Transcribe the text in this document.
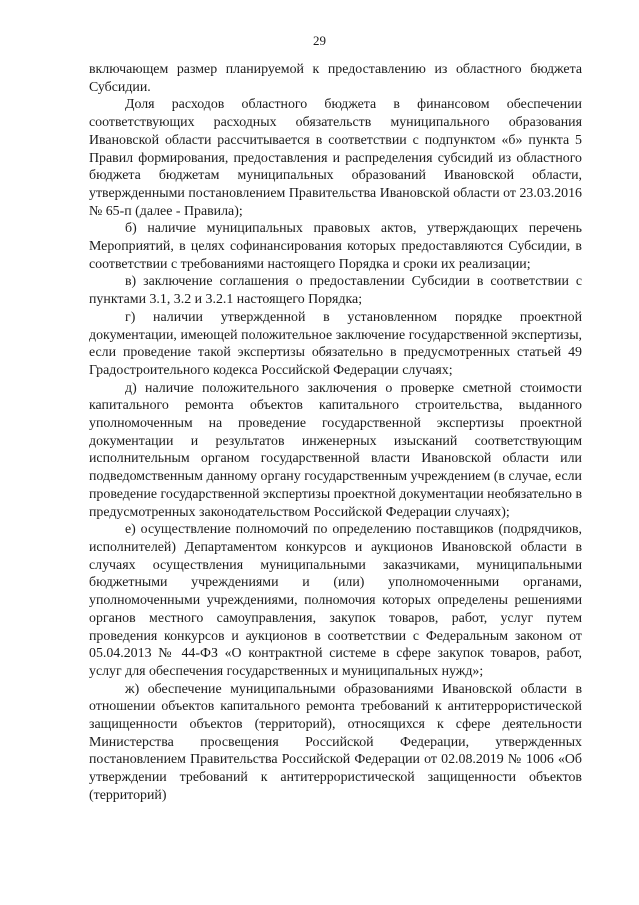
29

включающем размер планируемой к предоставлению из областного бюджета Субсидии.

Доля расходов областного бюджета в финансовом обеспечении соответствующих расходных обязательств муниципального образования Ивановской области рассчитывается в соответствии с подпунктом «б» пункта 5 Правил формирования, предоставления и распределения субсидий из областного бюджета бюджетам муниципальных образований Ивановской области, утвержденными постановлением Правительства Ивановской области от 23.03.2016 № 65-п (далее - Правила);

б) наличие муниципальных правовых актов, утверждающих перечень Мероприятий, в целях софинансирования которых предоставляются Субсидии, в соответствии с требованиями настоящего Порядка и сроки их реализации;

в) заключение соглашения о предоставлении Субсидии в соответствии с пунктами 3.1, 3.2 и 3.2.1 настоящего Порядка;

г) наличии утвержденной в установленном порядке проектной документации, имеющей положительное заключение государственной экспертизы, если проведение такой экспертизы обязательно в предусмотренных статьей 49 Градостроительного кодекса Российской Федерации случаях;

д) наличие положительного заключения о проверке сметной стоимости капитального ремонта объектов капитального строительства, выданного уполномоченным на проведение государственной экспертизы проектной документации и результатов инженерных изысканий соответствующим исполнительным органом государственной власти Ивановской области или подведомственным данному органу государственным учреждением (в случае, если проведение государственной экспертизы проектной документации необязательно в предусмотренных законодательством Российской Федерации случаях);

е) осуществление полномочий по определению поставщиков (подрядчиков, исполнителей) Департаментом конкурсов и аукционов Ивановской области в случаях осуществления муниципальными заказчиками, муниципальными бюджетными учреждениями и (или) уполномоченными органами, уполномоченными учреждениями, полномочия которых определены решениями органов местного самоуправления, закупок товаров, работ, услуг путем проведения конкурсов и аукционов в соответствии с Федеральным законом от 05.04.2013 № 44-ФЗ «О контрактной системе в сфере закупок товаров, работ, услуг для обеспечения государственных и муниципальных нужд»;

ж) обеспечение муниципальными образованиями Ивановской области в отношении объектов капитального ремонта требований к антитеррористической защищенности объектов (территорий), относящихся к сфере деятельности Министерства просвещения Российской Федерации, утвержденных постановлением Правительства Российской Федерации от 02.08.2019 № 1006 «Об утверждении требований к антитеррористической защищенности объектов (территорий)
